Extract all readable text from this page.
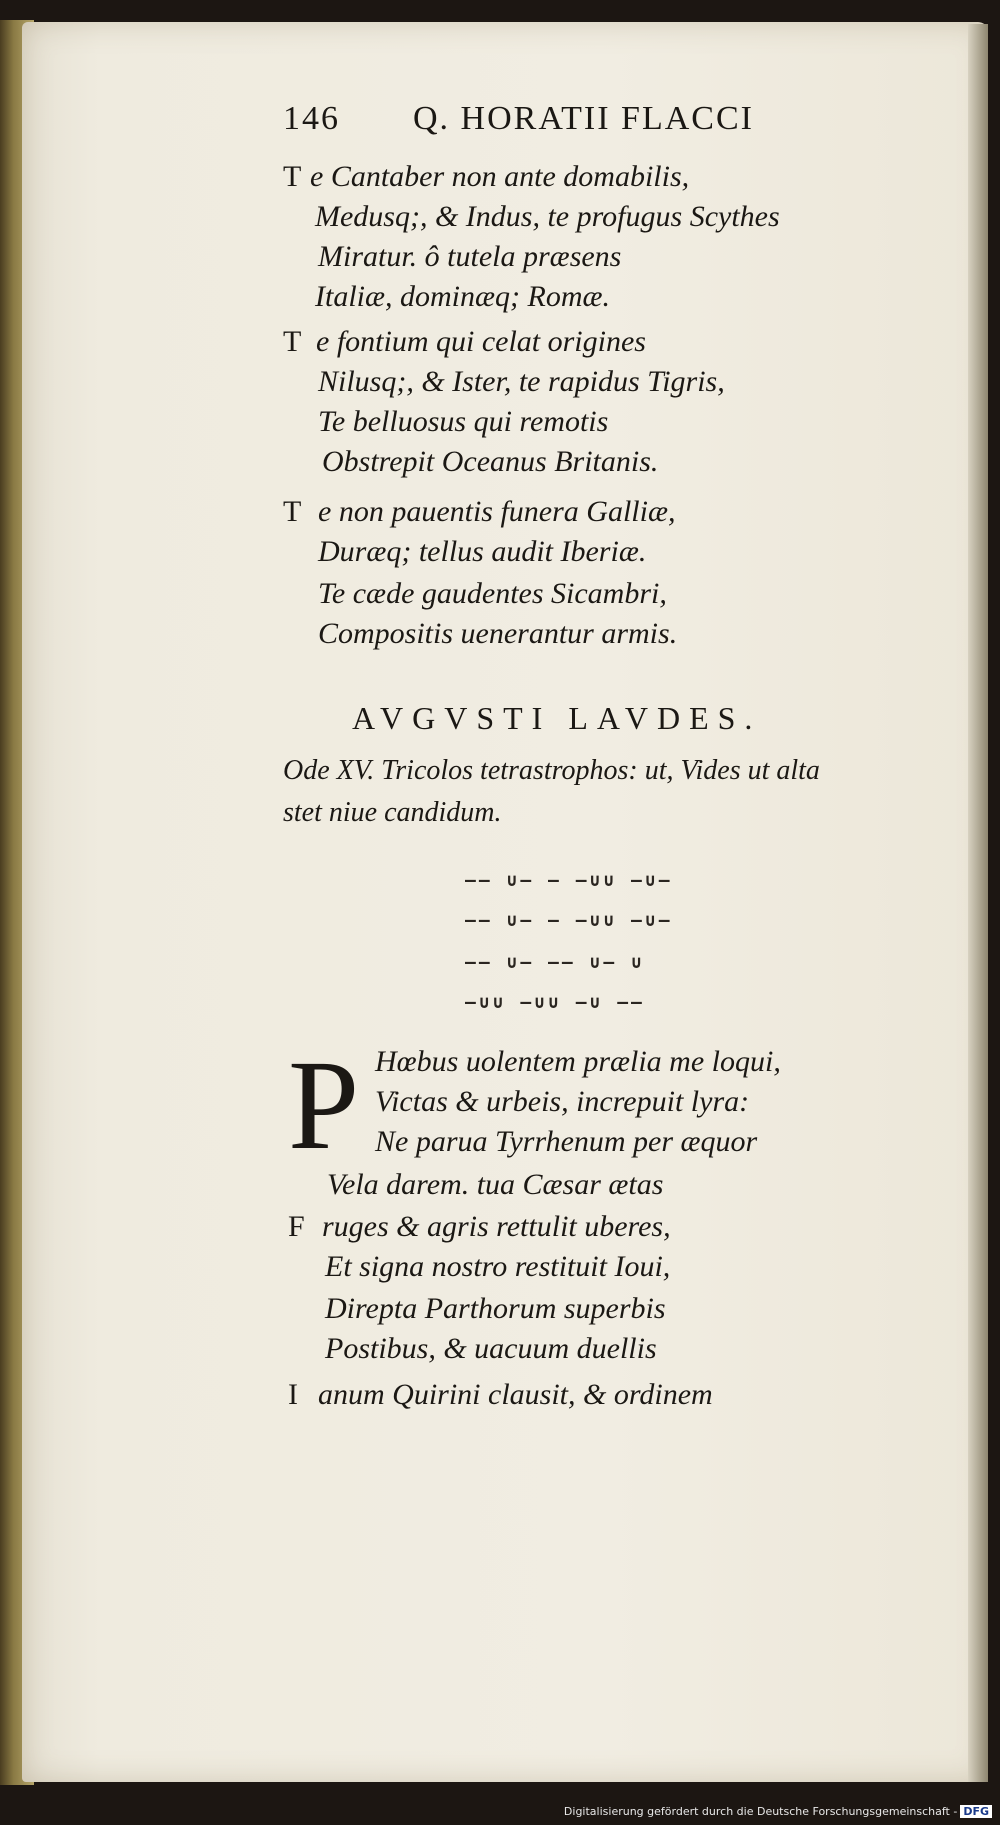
146 Q. HORATII FLACCI
T e Cantaber non ante domabilis,
Medusq;, & Indus, te profugus Scythes
Miratur. ô tutela præsens
Italiæ, dominæq; Romæ.
T e fontium qui celat origines
Nilusq;, & Ister, te rapidus Tigris,
Te belluosus qui remotis
Obstrepit Oceanus Britanis.
T e non pauentis funera Galliæ,
Duræq; tellus audit Iberiæ.
Te cæde gaudentes Sicambri,
Compositis uenerantur armis.
AVGVSTI LAVDES.
Ode XV. Tricolos tetrastrophos: ut, Vides ut alta
stet niue candidum.
–– ∪– – –∪∪ –∪–
–– ∪– – –∪∪ –∪–
–– ∪– –– ∪– ∪
–∪∪ –∪∪ –∪ ––
P Hœbus uolentem prælia me loqui,
Victas & urbeis, increpuit lyra:
Ne parua Tyrrhenum per æquor
Vela darem. tua Cæsar ætas
F ruges & agris rettulit uberes,
Et signa nostro restituit Ioui,
Direpta Parthorum superbis
Postibus, & uacuum duellis
I anum Quirini clausit, & ordinem
Digitalisierung gefördert durch die Deutsche Forschungsgemeinschaft - DFG
